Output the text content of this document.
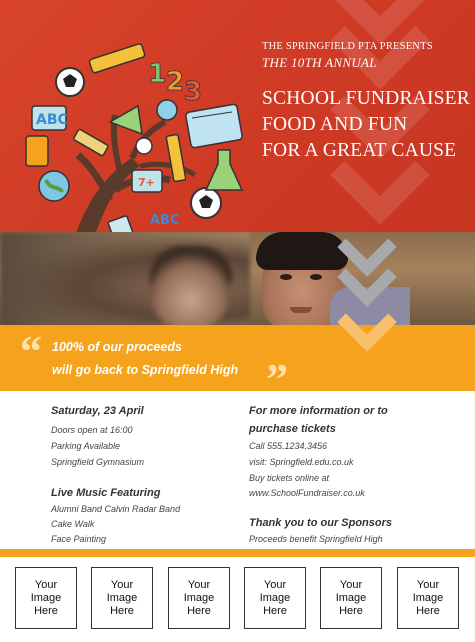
1 2 3
ABC
7+
ABC
THE SPRINGFIELD PTA PRESENTS
THE 10TH ANNUAL
SCHOOL FUNDRAISER
FOOD AND FUN
FOR A GREAT CAUSE
“
”
100% of our proceeds
will go back to Springfield High
Saturday, 23 April
Doors open at 16:00
Parking Available
Springfield Gymnasium
Live Music Featuring
Alumni Band Calvin Radar Band
Cake Walk
Face Painting
For more information or to
purchase tickets
Call 555.1234.3456
visit: Springfield.edu.co.uk
Buy tickets online at
www.SchoolFundraiser.co.uk
Thank you to our Sponsors
Proceeds benefit Springfield High
Your
Image
Here
Your
Image
Here
Your
Image
Here
Your
Image
Here
Your
Image
Here
Your
Image
Here
